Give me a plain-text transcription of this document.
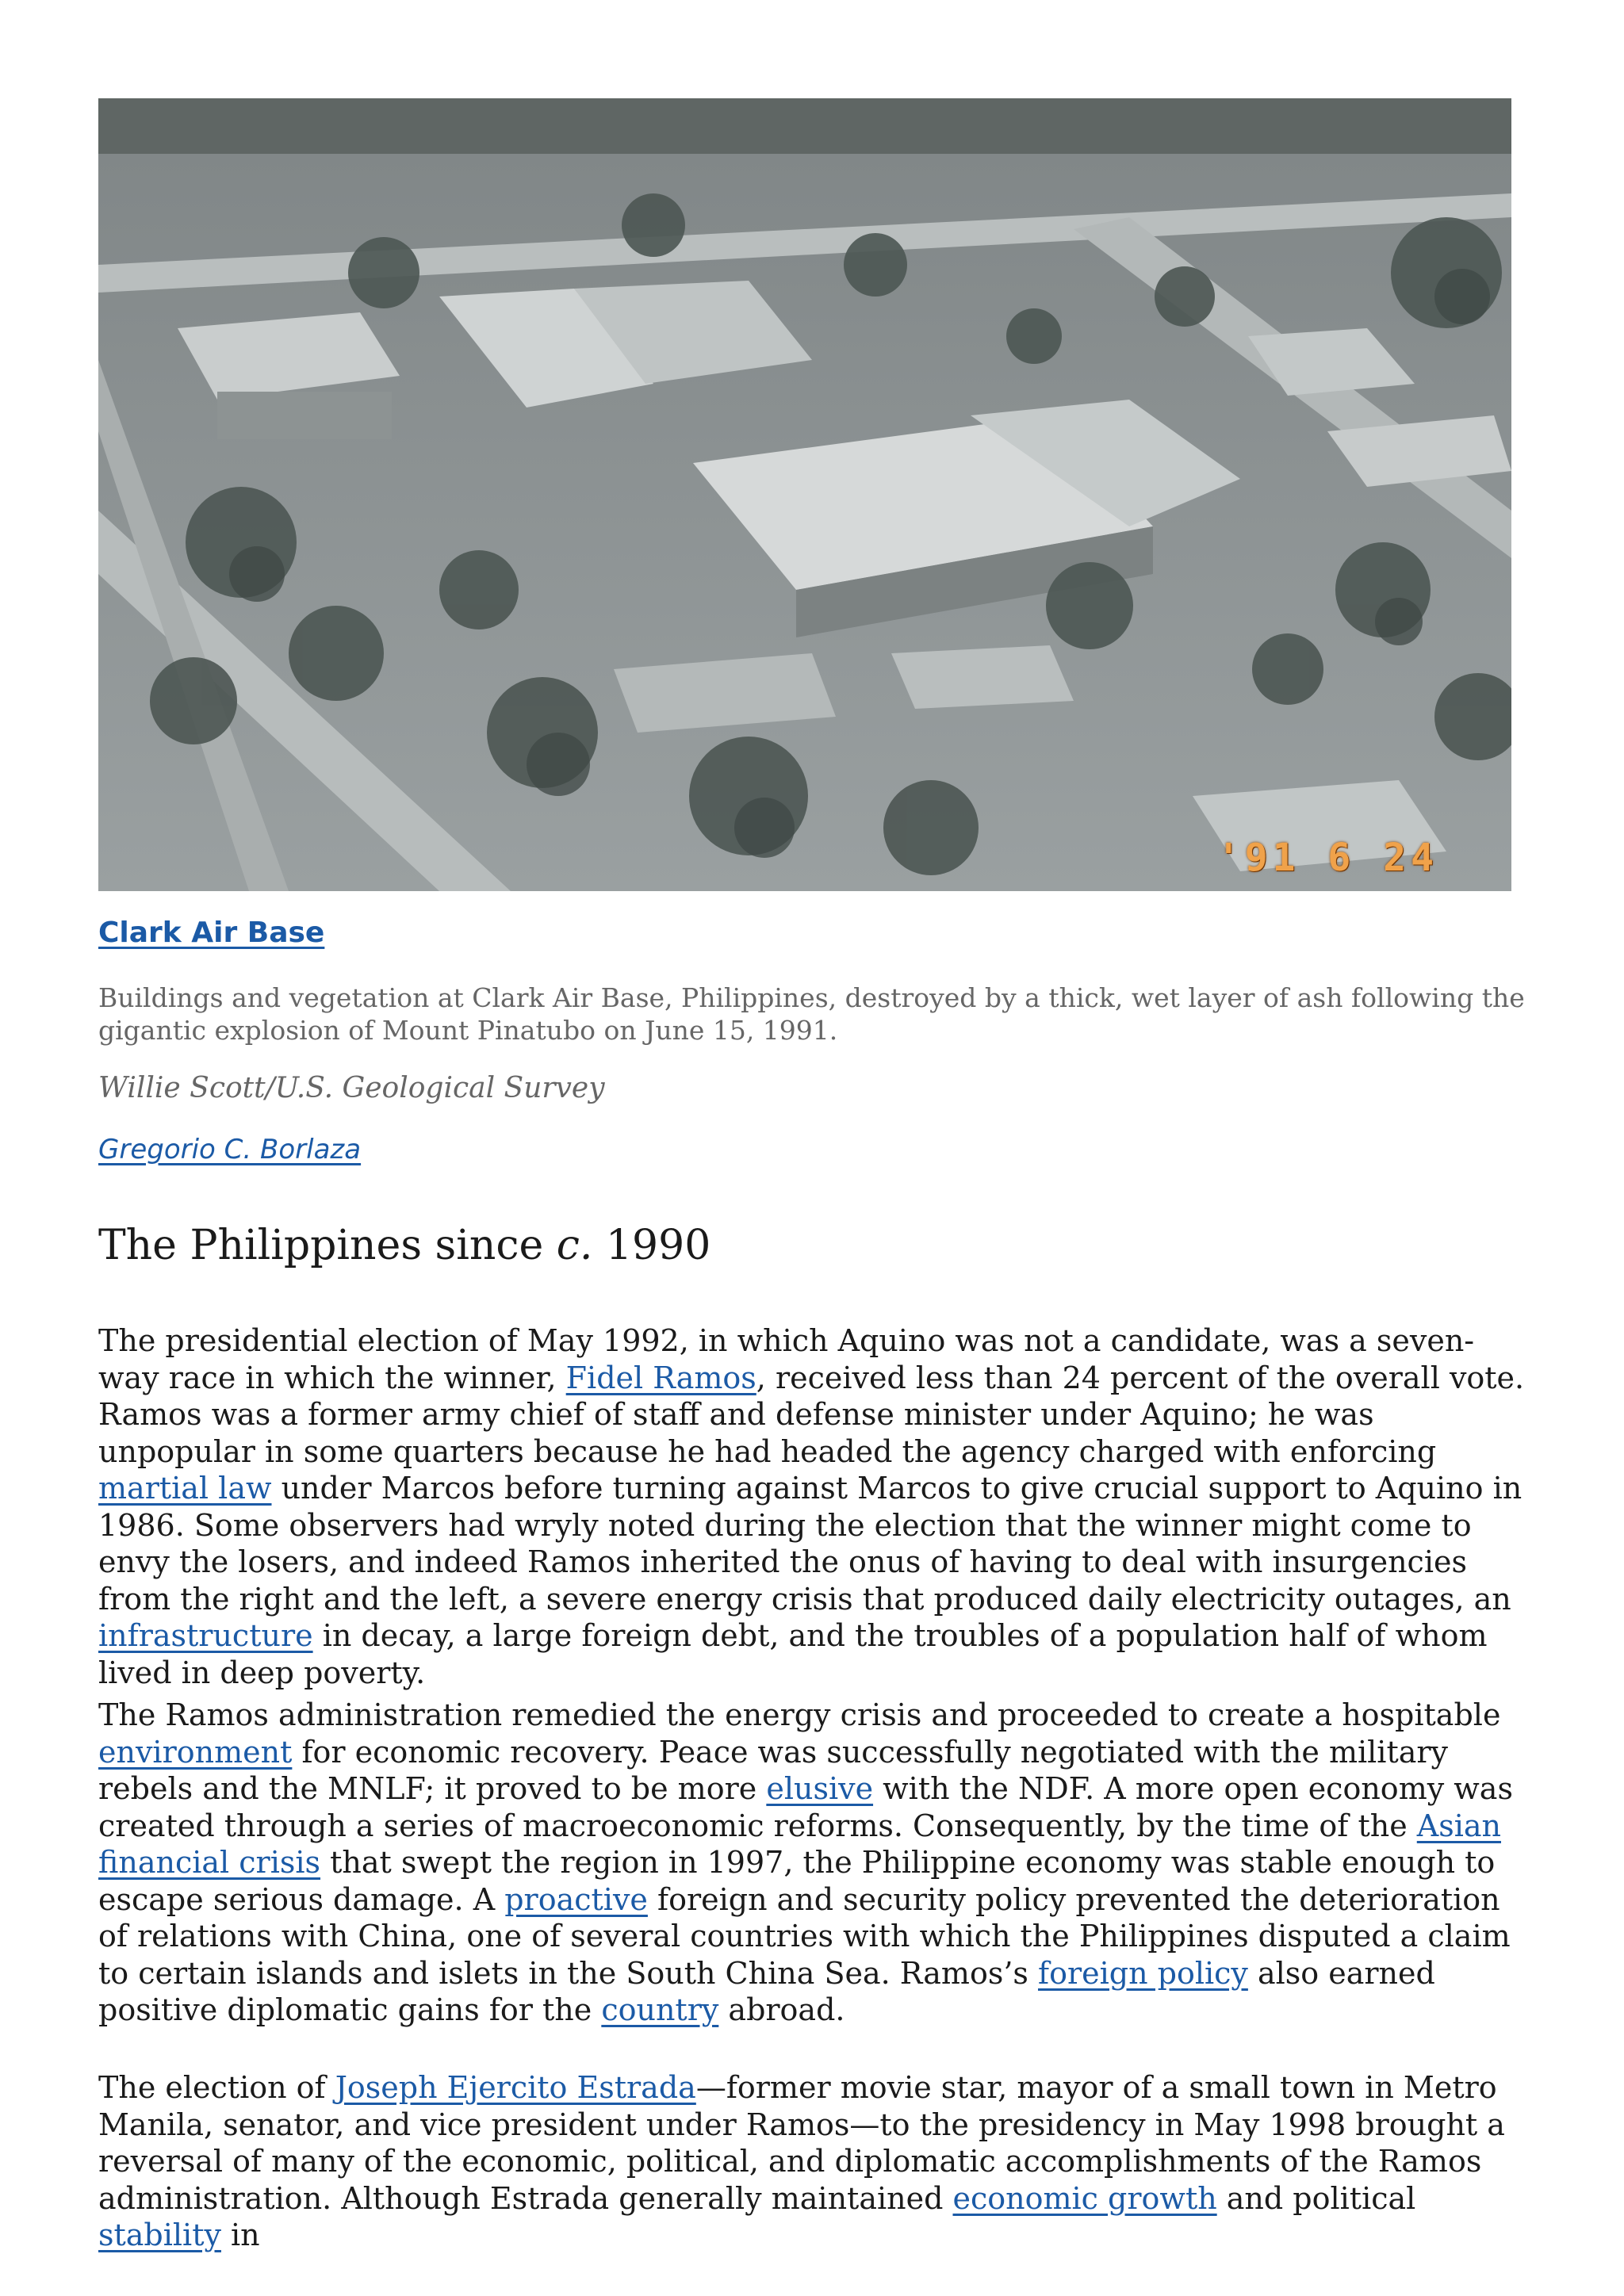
'91 6 24
Clark Air Base
Buildings and vegetation at Clark Air Base, Philippines, destroyed by a thick, wet layer of ash following the gigantic explosion of Mount Pinatubo on June 15, 1991.
Willie Scott/U.S. Geological Survey
Gregorio C. Borlaza
The Philippines since c. 1990

The presidential election of May 1992, in which Aquino was not a candidate, was a seven-way race in which the winner, Fidel Ramos, received less than 24 percent of the overall vote. Ramos was a former army chief of staff and defense minister under Aquino; he was unpopular in some quarters because he had headed the agency charged with enforcing martial law under Marcos before turning against Marcos to give crucial support to Aquino in 1986. Some observers had wryly noted during the election that the winner might come to envy the losers, and indeed Ramos inherited the onus of having to deal with insurgencies from the right and the left, a severe energy crisis that produced daily electricity outages, an infrastructure in decay, a large foreign debt, and the troubles of a population half of whom lived in deep poverty.

The Ramos administration remedied the energy crisis and proceeded to create a hospitable environment for economic recovery. Peace was successfully negotiated with the military rebels and the MNLF; it proved to be more elusive with the NDF. A more open economy was created through a series of macroeconomic reforms. Consequently, by the time of the Asian financial crisis that swept the region in 1997, the Philippine economy was stable enough to escape serious damage. A proactive foreign and security policy prevented the deterioration of relations with China, one of several countries with which the Philippines disputed a claim to certain islands and islets in the South China Sea. Ramos’s foreign policy also earned positive diplomatic gains for the country abroad.

The election of Joseph Ejercito Estrada—former movie star, mayor of a small town in Metro Manila, senator, and vice president under Ramos—to the presidency in May 1998 brought a reversal of many of the economic, political, and diplomatic accomplishments of the Ramos administration. Although Estrada generally maintained economic growth and political stability in
